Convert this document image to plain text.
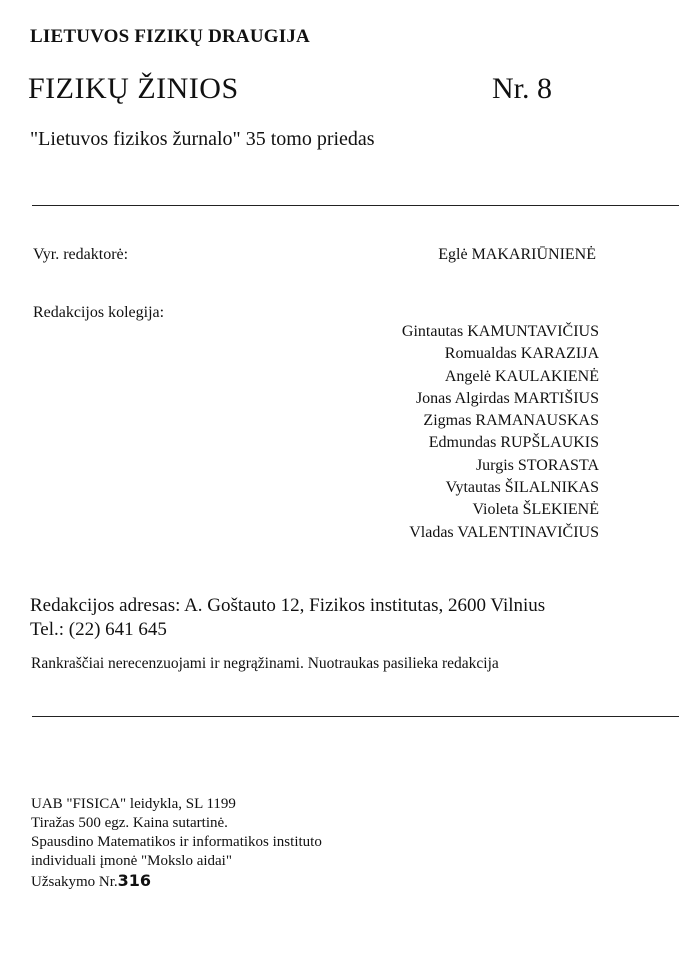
LIETUVOS FIZIKŲ DRAUGIJA
FIZIKŲ ŽINIOS	Nr. 8
"Lietuvos fizikos žurnalo" 35 tomo priedas
Vyr. redaktorė:	Eglė MAKARIŪNIENĖ
Redakcijos kolegija:
Gintautas KAMUNTAVIČIUS
Romualdas KARAZIJA
Angelė KAULAKIENĖ
Jonas Algirdas MARTIŠIUS
Zigmas RAMANAUSKAS
Edmundas RUPŠLAUKIS
Jurgis STORASTA
Vytautas ŠILALNIKAS
Violeta ŠLEKIENĖ
Vladas VALENTINAVIČIUS
Redakcijos adresas: A. Goštauto 12, Fizikos institutas, 2600 Vilnius
Tel.: (22) 641 645
Rankraščiai nerecenzuojami ir negrąžinami. Nuotraukas pasilieka redakcija
UAB "FISICA" leidykla, SL 1199
Tiražas 500 egz. Kaina sutartinė.
Spausdino Matematikos ir informatikos instituto
individuali įmonė "Mokslo aidai"
Užsakymo Nr.316
